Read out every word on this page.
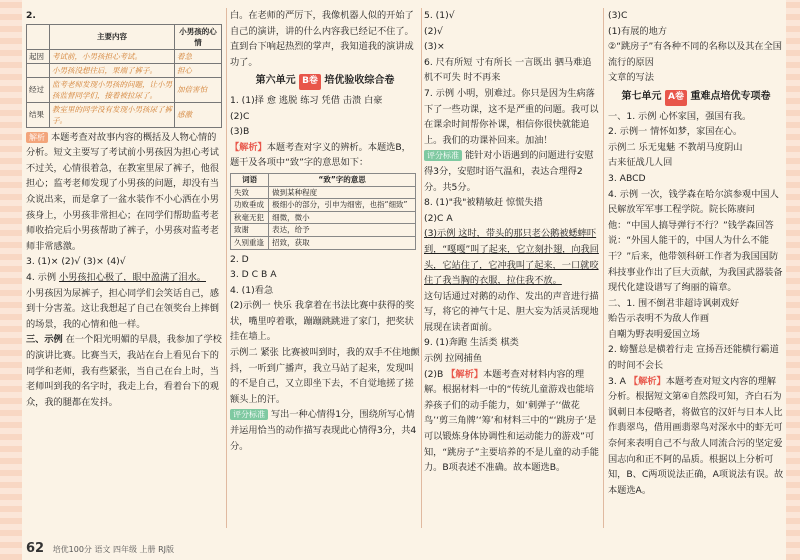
2.

	主要内容	小男孩的心情
起因	考试前，小男孩担心考试。	着急
	小男孩没想往后，果端了裤子。	担心
经过	监考老师发现小男孩的问题，让小男孩监督同学们，接着被拉尿了。	加倍害怕
结果	教室里的同学没有发现小男孩尿了裤子。	感激

解析 本题考查对故事内容的概括及人物心情的分析。短文主要写了考试前小男孩因为担心考试不过关，心情很着急，在教室里尿了裤子，他很担心；监考老师发现了小男孩的问题，却没有当众说出来，而是拿了一盆水装作不小心洒在小男孩身上，小男孩非常担心；在同学们帮助监考老师收拾完后小男孩帮助了裤子，小男孩对监考老师非常感激。

3. (1)× (2)√ (3)× (4)√

4. 示例 小男孩扣心极了，眼中盈满了泪水。

小男孩因为尿裤子，担心同学们会笑话自己，感到十分害羞。这让我想起了自己在领奖台上摔倒的场景，我的心情和他一样。

三、示例 在一个阳光明媚的早晨，我参加了学校的演讲比赛。比赛当天，我站在台上看见台下的同学和老师，我有些紧张，当自己在台上时，当老师叫到我的名字时，我走上台，看着台下的观众，我的腿都在发抖。

白。在老师的严厉下，我像机器人似的开始了自己的演讲，讲的什么内容我已经记不住了。直到台下响起热烈的掌声，我知道我的演讲成功了。

第六单元 B卷 培优验收综合卷

1. (1)择 愈 逃脱 练习 凭借 击溃 白豪

(2)C

(3)B

【解析】本题考查对字义的辨析。本题选B，题干及各项中“致”字的意思如下：

词语	“致”字的意思
失致	做到某种程度
功败垂成	极细小的部分，引申为细密，也指“细致”
秋毫无犯	细微，微小
致谢	表达，给予
久别重逢	招致，获取

2. D

3. D C B A

4. (1)看急

(2)示例一 快乐 我拿着在书法比赛中获得的奖状，嘴里哼着歌，蹦蹦跳跳进了家门，把奖状挂在墙上。

示例二 紧张 比赛被叫到时，我的双手不住地颤抖，一听到广播声，我立马站了起来，发现叫的不是自己，又立即坐下去，不自觉地搓了搓额头上的汗。

评分标准 写出一种心情得1分，围绕所写心情并运用恰当的动作描写表现此心情得3分，共4分。

5. (1)√

(2)√

(3)×

6. 尺有所短 寸有所长 一言既出 驷马难追 机不可失 时不再来

7. 示例 小明，别难过。你只是因为生病落下了一些功课，这不是严重的问题。我可以在课余时间帮你补课，相信你很快就能追上。我们的功课补回来。加油！

评分标准 能针对小语遇到的问题进行安慰得3分，安慰时语气温和，表达合理得2分。共5分。

8. (1)"我"被精敏赶 惊慌失措

(2)C A

(3)示例 这时，带头的那只老公鹅被蟋蟀吓到，“嘎嘎”叫了起来，它立刻扑翅，向我回头，它站住了，它冲我叫了起来，一口就咬住了我当胸的衣服，拉住我不放。

这句话通过对鹅的动作、发出的声音进行描写，将它的神气十足、胆大妄为活灵活现地展现在读者面前。

9. (1)奔跑 生活类 棋类

示例 拉网捕鱼

(2)B 【解析】本题考查对材料内容的理解。根据材料一中的“传统儿童游戏也能培养孩子们的动手能力，如‘刺弹子’‘做花鸟’‘剪三角牌’‘筹’和材料三中的“‘跳房子’是可以锻炼身体协调性和运动能力的游戏”可知，“跳房子”主要培养的不是儿童的动手能力。B项表述不准确。故本题选B。

(3)C

(1)有展的地方

②“跳房子”有各种不同的名称以及其在全国流行的原因

文章的写法

第七单元 A卷 重难点培优专项卷

一、1. 示例 心怀家国，强国有我。

2. 示例一 情怀如梦，家国在心。

示例二 乐无鬼魅 不教胡马度阴山

古来征战几人回

3. ABCD

4. 示例 一次，钱学森在哈尔滨参观中国人民解放军军事工程学院。院长陈赓问他：“中国人搞导弹行不行？”钱学森回答说：“外国人能干的，中国人为什么不能干？”后来，他带领科研工作者为我国国防科技事业作出了巨大贡献，为我国武器装备现代化建设谱写了绚丽的篇章。

二、1. 围不倒君非超诗讽刺戏好

贻告示表明不为敌人作画

自嘲为野表明爱国立场

2. 螃蟹总是横着行走 宣扬吾还能横行霸道的时间不会长

3. A 【解析】本题考查对短文内容的理解分析。根据短文第④自然段可知，齐白石为讽刺日本侵略者，将做官的汉奸与日本人比作翡翠鸟，借用画翡翠鸟对深水中的虾无可奈何来表明自己不与敌人同流合污的坚定爱国志向和正不阿的品质。根据以上分析可知，B、C两项说法正确，A项说法有误。故本题选A。

62 培优100分 语文 四年级 上册 RJ版
